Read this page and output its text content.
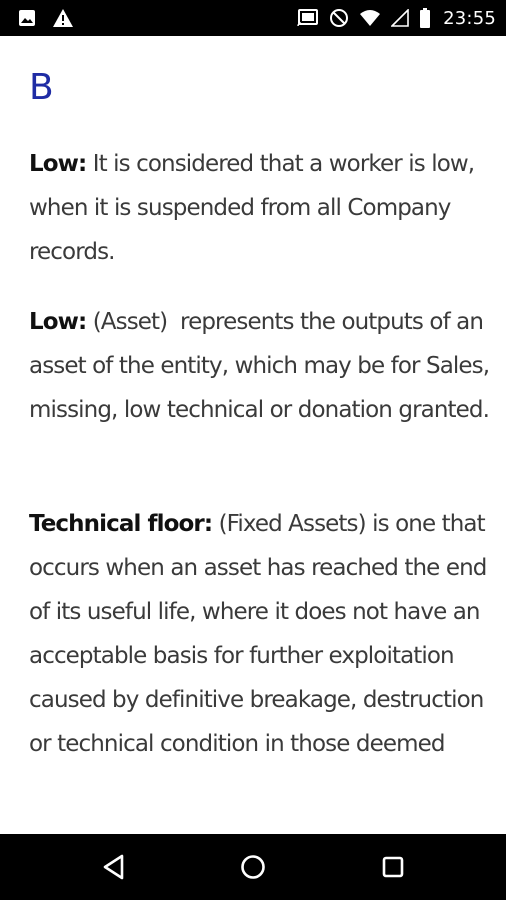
23:55
B

Low: It is considered that a worker is low, when it is suspended from all Company records.

Low: (Asset)  represents the outputs of an asset of the entity, which may be for Sales, missing, low technical or donation granted.

Technical floor: (Fixed Assets) is one that occurs when an asset has reached the end of its useful life, where it does not have an acceptable basis for further exploitation caused by definitive breakage, destruction or technical condition in those deemed
